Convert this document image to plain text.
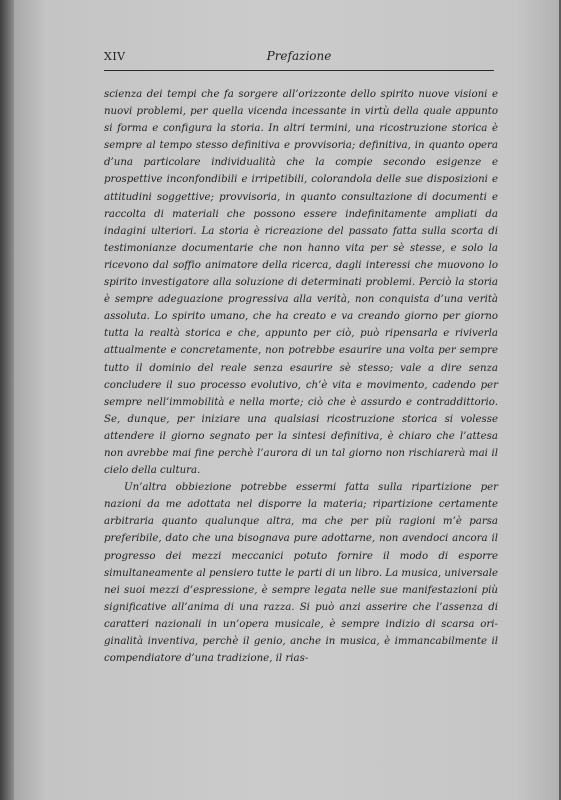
XIV	Prefazione

scienza dei tempi che fa sorgere all’orizzonte dello spirito nuove visioni e nuovi problemi, per quella vicenda incessante in virtù della quale appunto si forma e configura la storia. In altri termini, una ricostruzione storica è sempre al tempo stesso definitiva e provvisoria; definitiva, in quanto opera d’una particolare individualità che la compie secondo esigenze e prospettive inconfondibili e irripetibili, colorandola delle sue disposizioni e attitudini soggettive; provvisoria, in quanto consultazione di documenti e raccolta di materiali che possono essere indefinitamente ampliati da indagini ulteriori. La storia è ricreazione del passato fatta sulla scorta di testimonianze documentarie che non hanno vita per sè stesse, e solo la ricevono dal soffio animatore della ricerca, dagli interessi che muovono lo spirito investigatore alla soluzione di determinati problemi. Perciò la storia è sempre adeguazione progressiva alla verità, non conquista d’una verità assoluta. Lo spirito umano, che ha creato e va creando giorno per giorno tutta la realtà storica e che, appunto per ciò, può ripensarla e riviverla attualmente e concretamente, non potrebbe esaurire una volta per sempre tutto il dominio del reale senza esaurire sè stesso; vale a dire senza concludere il suo processo evolutivo, ch’è vita e movimento, cadendo per sempre nell’immobilità e nella morte; ciò che è assurdo e contraddittorio. Se, dunque, per iniziare una qualsiasi ricostruzione storica si volesse attendere il giorno segnato per la sintesi definitiva, è chiaro che l’attesa non avrebbe mai fine perchè l’aurora di un tal giorno non rischiarerà mai il cielo della cultura.

Un’altra obbiezione potrebbe essermi fatta sulla ripartizione per nazioni da me adottata nel disporre la materia; ripartizione certamente arbitraria quanto qualunque altra, ma che per più ragioni m’è parsa preferibile, dato che una bisognava pure adottarne, non avendoci ancora il progresso dei mezzi meccanici potuto fornire il modo di esporre simultaneamente al pensiero tutte le parti di un libro. La musica, universale nei suoi mezzi d’espressione, è sempre legata nelle sue manifestazioni più significative all’anima di una razza. Si può anzi asserire che l’assenza di caratteri nazionali in un’opera musicale, è sempre indizio di scarsa originalità inventiva, perchè il genio, anche in musica, è immancabilmente il compendiatore d’una tradizione, il rias-
